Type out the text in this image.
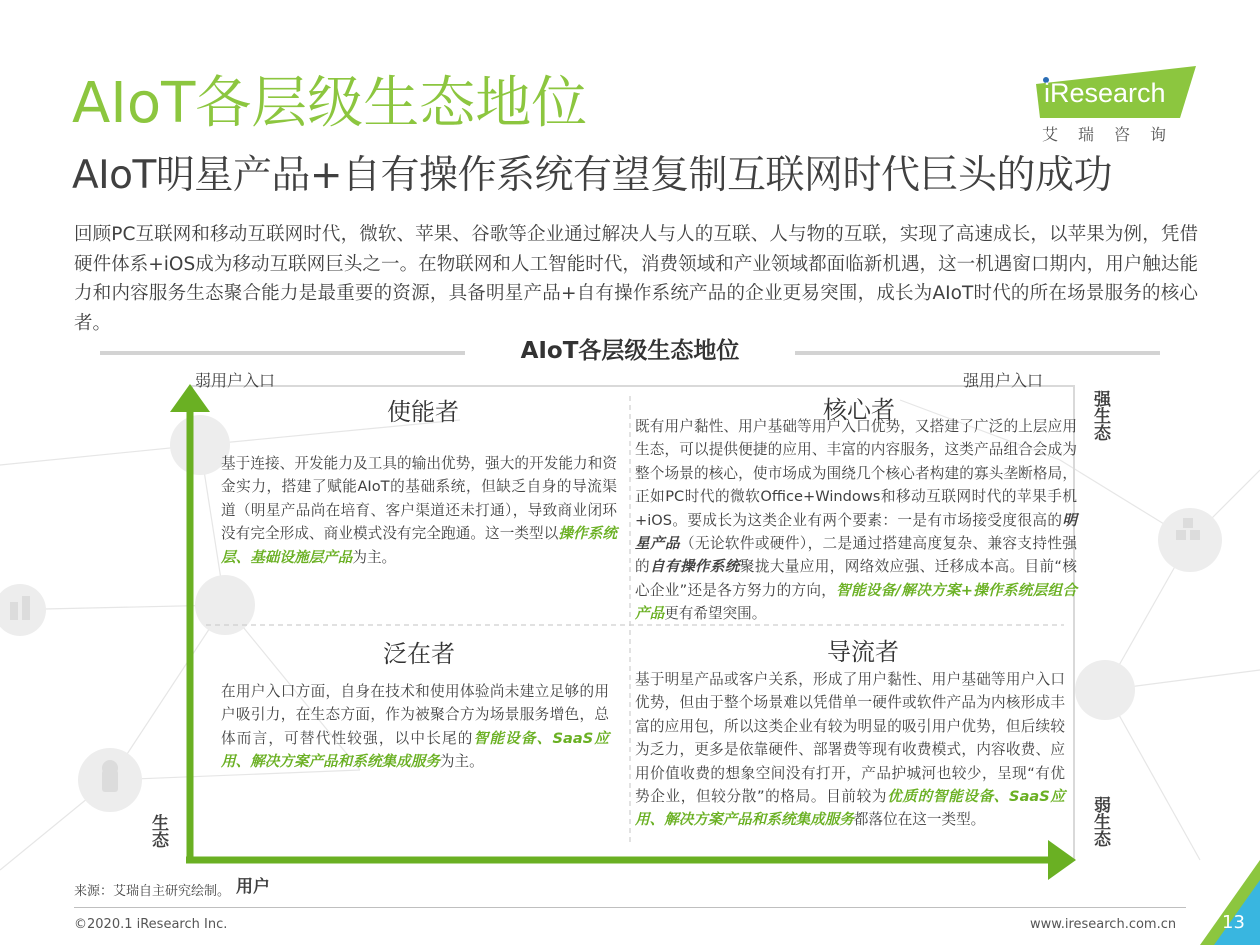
AIoT各层级生态地位
AIoT明星产品+自有操作系统有望复制互联网时代巨头的成功
iResearch
艾瑞咨询
回顾PC互联网和移动互联网时代，微软、苹果、谷歌等企业通过解决人与人的互联、人与物的互联，实现了高速成长，以苹果为例，凭借硬件体系+iOS成为移动互联网巨头之一。在物联网和人工智能时代，消费领域和产业领域都面临新机遇，这一机遇窗口期内，用户触达能力和内容服务生态聚合能力是最重要的资源，具备明星产品+自有操作系统产品的企业更易突围，成长为AIoT时代的所在场景服务的核心者。
AIoT各层级生态地位
弱用户入口	强用户入口
强生态
弱生态
生态
用户
使能者
基于连接、开发能力及工具的输出优势，强大的开发能力和资金实力，搭建了赋能AIoT的基础系统，但缺乏自身的导流渠道（明星产品尚在培育、客户渠道还未打通），导致商业闭环没有完全形成、商业模式没有完全跑通。这一类型以操作系统层、基础设施层产品为主。
核心者
既有用户黏性、用户基础等用户入口优势，又搭建了广泛的上层应用生态，可以提供便捷的应用、丰富的内容服务，这类产品组合会成为整个场景的核心，使市场成为围绕几个核心者构建的寡头垄断格局，正如PC时代的微软Office+Windows和移动互联网时代的苹果手机+iOS。要成长为这类企业有两个要素：一是有市场接受度很高的明星产品（无论软件或硬件），二是通过搭建高度复杂、兼容支持性强的自有操作系统聚拢大量应用，网络效应强、迁移成本高。目前“核心企业”还是各方努力的方向，智能设备/解决方案+操作系统层组合产品更有希望突围。
泛在者
在用户入口方面，自身在技术和使用体验尚未建立足够的用户吸引力，在生态方面，作为被聚合方为场景服务增色，总体而言，可替代性较强，以中长尾的智能设备、SaaS应用、解决方案产品和系统集成服务为主。
导流者
基于明星产品或客户关系，形成了用户黏性、用户基础等用户入口优势，但由于整个场景难以凭借单一硬件或软件产品为内核形成丰富的应用包，所以这类企业有较为明显的吸引用户优势，但后续较为乏力，更多是依靠硬件、部署费等现有收费模式，内容收费、应用价值收费的想象空间没有打开，产品护城河也较少，呈现“有优势企业，但较分散”的格局。目前较为优质的智能设备、SaaS应用、解决方案产品和系统集成服务都落位在这一类型。
来源：艾瑞自主研究绘制。
©2020.1 iResearch Inc.	www.iresearch.com.cn	13
